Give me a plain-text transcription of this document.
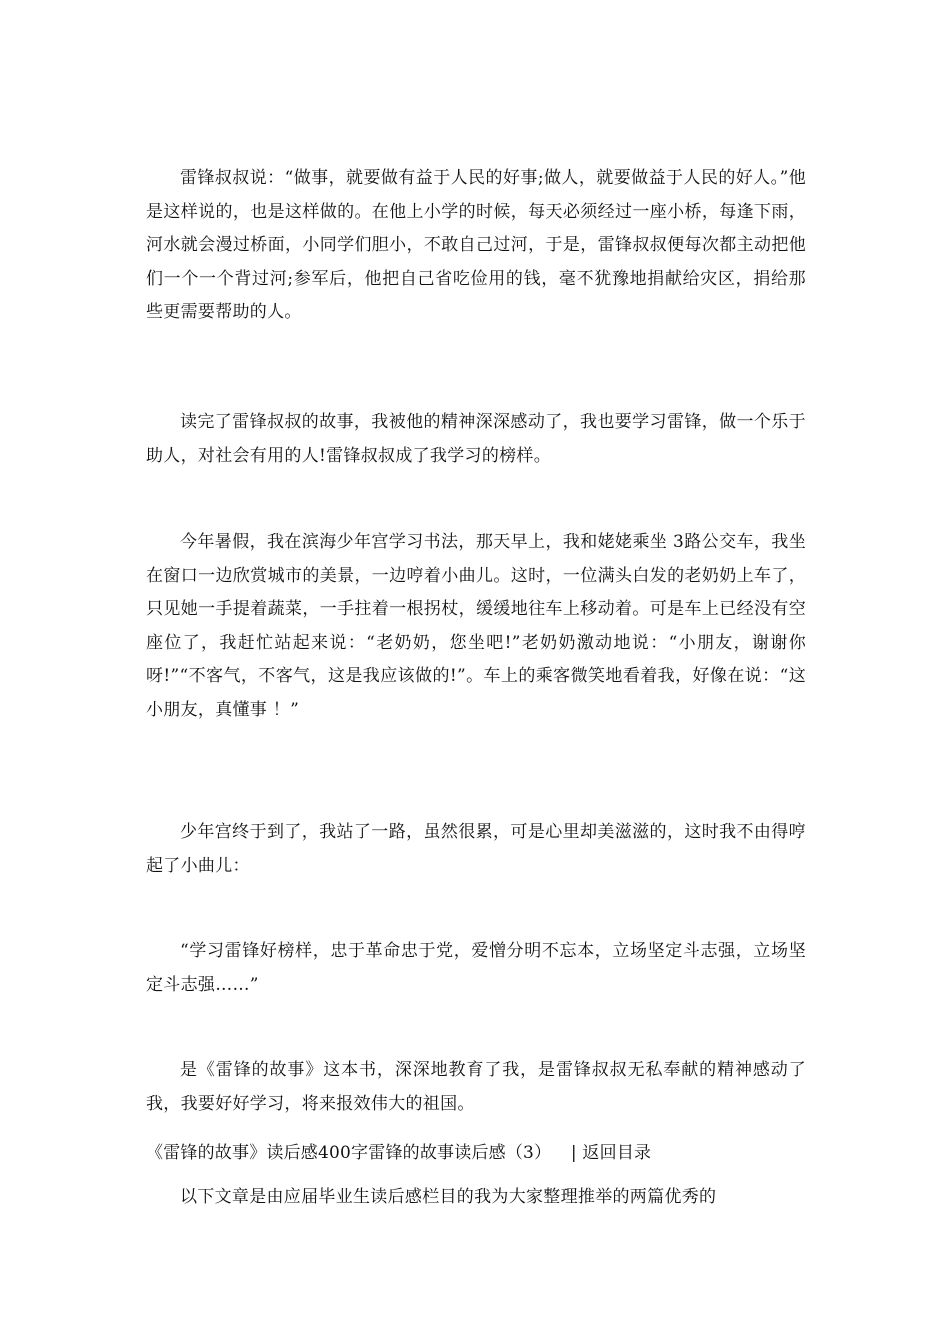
雷锋叔叔说：“做事，就要做有益于人民的好事;做人，就要做益于人民的好人。”他是这样说的，也是这样做的。在他上小学的时候，每天必须经过一座小桥，每逢下雨，河水就会漫过桥面，小同学们胆小，不敢自己过河，于是，雷锋叔叔便每次都主动把他们一个一个背过河;参军后，他把自己省吃俭用的钱，毫不犹豫地捐献给灾区，捐给那些更需要帮助的人。

读完了雷锋叔叔的故事，我被他的精神深深感动了，我也要学习雷锋，做一个乐于助人，对社会有用的人!雷锋叔叔成了我学习的榜样。

今年暑假，我在滨海少年宫学习书法，那天早上，我和姥姥乘坐 3路公交车，我坐在窗口一边欣赏城市的美景，一边哼着小曲儿。这时，一位满头白发的老奶奶上车了，只见她一手提着蔬菜，一手拄着一根拐杖，缓缓地往车上移动着。可是车上已经没有空座位了，我赶忙站起来说：“老奶奶，您坐吧!”老奶奶激动地说：“小朋友，谢谢你呀!”“不客气，不客气，这是我应该做的!”。车上的乘客微笑地看着我，好像在说：“这小朋友，真懂事 ！”

少年宫终于到了，我站了一路，虽然很累，可是心里却美滋滋的，这时我不由得哼起了小曲儿：

“学习雷锋好榜样，忠于革命忠于党，爱憎分明不忘本，立场坚定斗志强，立场坚定斗志强……”

是《雷锋的故事》这本书，深深地教育了我，是雷锋叔叔无私奉献的精神感动了我，我要好好学习，将来报效伟大的祖国。

《雷锋的故事》读后感400字雷锋的故事读后感（3） | 返回目录

以下文章是由应届毕业生读后感栏目的我为大家整理推举的两篇优秀的
